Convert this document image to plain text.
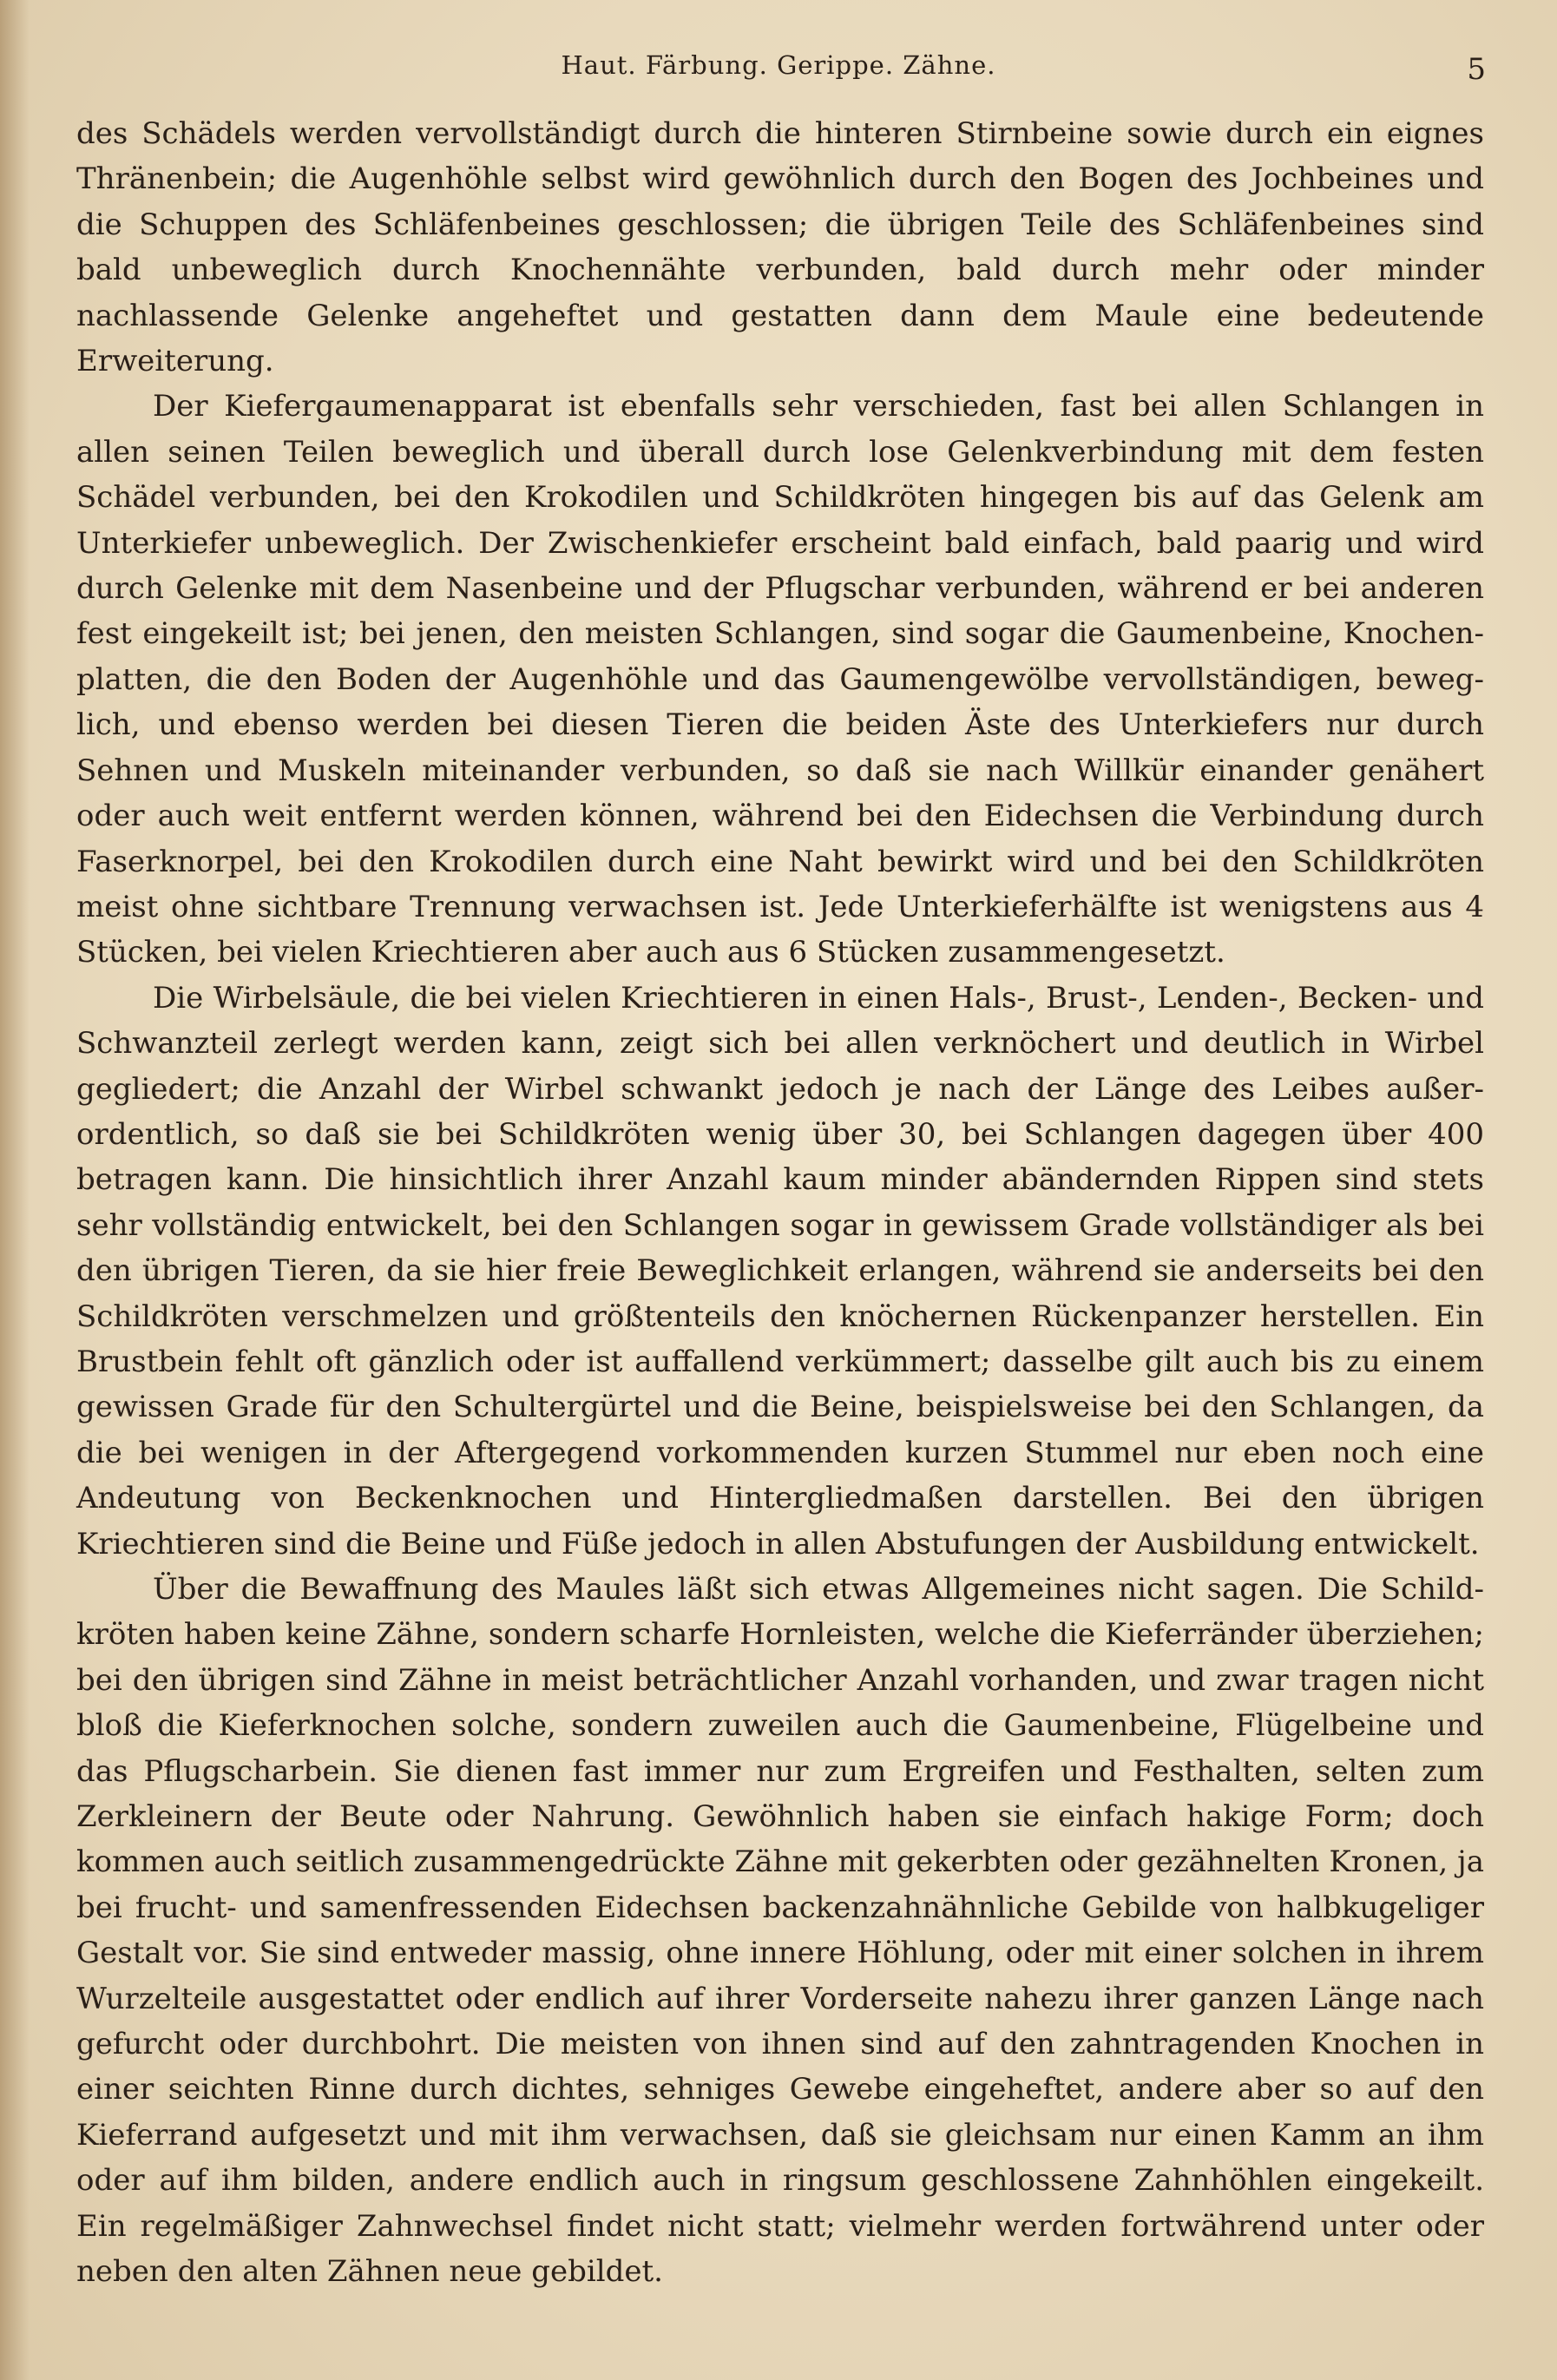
Haut. Färbung. Gerippe. Zähne.	5

des Schädels werden vervollständigt durch die hinteren Stirnbeine sowie durch ein eignes Thränenbein; die Augenhöhle selbst wird gewöhnlich durch den Bogen des Jochbeines und die Schuppen des Schläfenbeines geschlossen; die übrigen Teile des Schläfenbeines sind bald unbeweglich durch Knochennähte verbunden, bald durch mehr oder minder nachlassende Gelenke angeheftet und gestatten dann dem Maule eine bedeutende Erweiterung.

Der Kiefergaumenapparat ist ebenfalls sehr verschieden, fast bei allen Schlangen in allen seinen Teilen beweglich und überall durch lose Gelenkverbindung mit dem festen Schädel verbunden, bei den Krokodilen und Schildkröten hingegen bis auf das Gelenk am Unterkiefer unbeweglich. Der Zwischenkiefer erscheint bald einfach, bald paarig und wird durch Gelenke mit dem Nasenbeine und der Pflugschar verbunden, während er bei anderen fest eingekeilt ist; bei jenen, den meisten Schlangen, sind sogar die Gaumenbeine, Knochenplatten, die den Boden der Augenhöhle und das Gaumengewölbe vervollständigen, beweglich, und ebenso werden bei diesen Tieren die beiden Äste des Unterkiefers nur durch Sehnen und Muskeln miteinander verbunden, so daß sie nach Willkür einander genähert oder auch weit entfernt werden können, während bei den Eidechsen die Verbindung durch Faserknorpel, bei den Krokodilen durch eine Naht bewirkt wird und bei den Schildkröten meist ohne sichtbare Trennung verwachsen ist. Jede Unterkieferhälfte ist wenigstens aus 4 Stücken, bei vielen Kriechtieren aber auch aus 6 Stücken zusammengesetzt.

Die Wirbelsäule, die bei vielen Kriechtieren in einen Hals-, Brust-, Lenden-, Becken- und Schwanzteil zerlegt werden kann, zeigt sich bei allen verknöchert und deutlich in Wirbel gegliedert; die Anzahl der Wirbel schwankt jedoch je nach der Länge des Leibes außerordentlich, so daß sie bei Schildkröten wenig über 30, bei Schlangen dagegen über 400 betragen kann. Die hinsichtlich ihrer Anzahl kaum minder abändernden Rippen sind stets sehr vollständig entwickelt, bei den Schlangen sogar in gewissem Grade vollständiger als bei den übrigen Tieren, da sie hier freie Beweglichkeit erlangen, während sie anderseits bei den Schildkröten verschmelzen und größtenteils den knöchernen Rückenpanzer herstellen. Ein Brustbein fehlt oft gänzlich oder ist auffallend verkümmert; dasselbe gilt auch bis zu einem gewissen Grade für den Schultergürtel und die Beine, beispielsweise bei den Schlangen, da die bei wenigen in der Aftergegend vorkommenden kurzen Stummel nur eben noch eine Andeutung von Beckenknochen und Hintergliedmaßen darstellen. Bei den übrigen Kriechtieren sind die Beine und Füße jedoch in allen Abstufungen der Ausbildung entwickelt.

Über die Bewaffnung des Maules läßt sich etwas Allgemeines nicht sagen. Die Schildkröten haben keine Zähne, sondern scharfe Hornleisten, welche die Kieferränder überziehen; bei den übrigen sind Zähne in meist beträchtlicher Anzahl vorhanden, und zwar tragen nicht bloß die Kieferknochen solche, sondern zuweilen auch die Gaumenbeine, Flügelbeine und das Pflugscharbein. Sie dienen fast immer nur zum Ergreifen und Festhalten, selten zum Zerkleinern der Beute oder Nahrung. Gewöhnlich haben sie einfach hakige Form; doch kommen auch seitlich zusammengedrückte Zähne mit gekerbten oder gezähnelten Kronen, ja bei frucht- und samenfressenden Eidechsen backenzahnähnliche Gebilde von halbkugeliger Gestalt vor. Sie sind entweder massig, ohne innere Höhlung, oder mit einer solchen in ihrem Wurzelteile ausgestattet oder endlich auf ihrer Vorderseite nahezu ihrer ganzen Länge nach gefurcht oder durchbohrt. Die meisten von ihnen sind auf den zahntragenden Knochen in einer seichten Rinne durch dichtes, sehniges Gewebe eingeheftet, andere aber so auf den Kieferrand aufgesetzt und mit ihm verwachsen, daß sie gleichsam nur einen Kamm an ihm oder auf ihm bilden, andere endlich auch in ringsum geschlossene Zahnhöhlen eingekeilt. Ein regelmäßiger Zahnwechsel findet nicht statt; vielmehr werden fortwährend unter oder neben den alten Zähnen neue gebildet.
